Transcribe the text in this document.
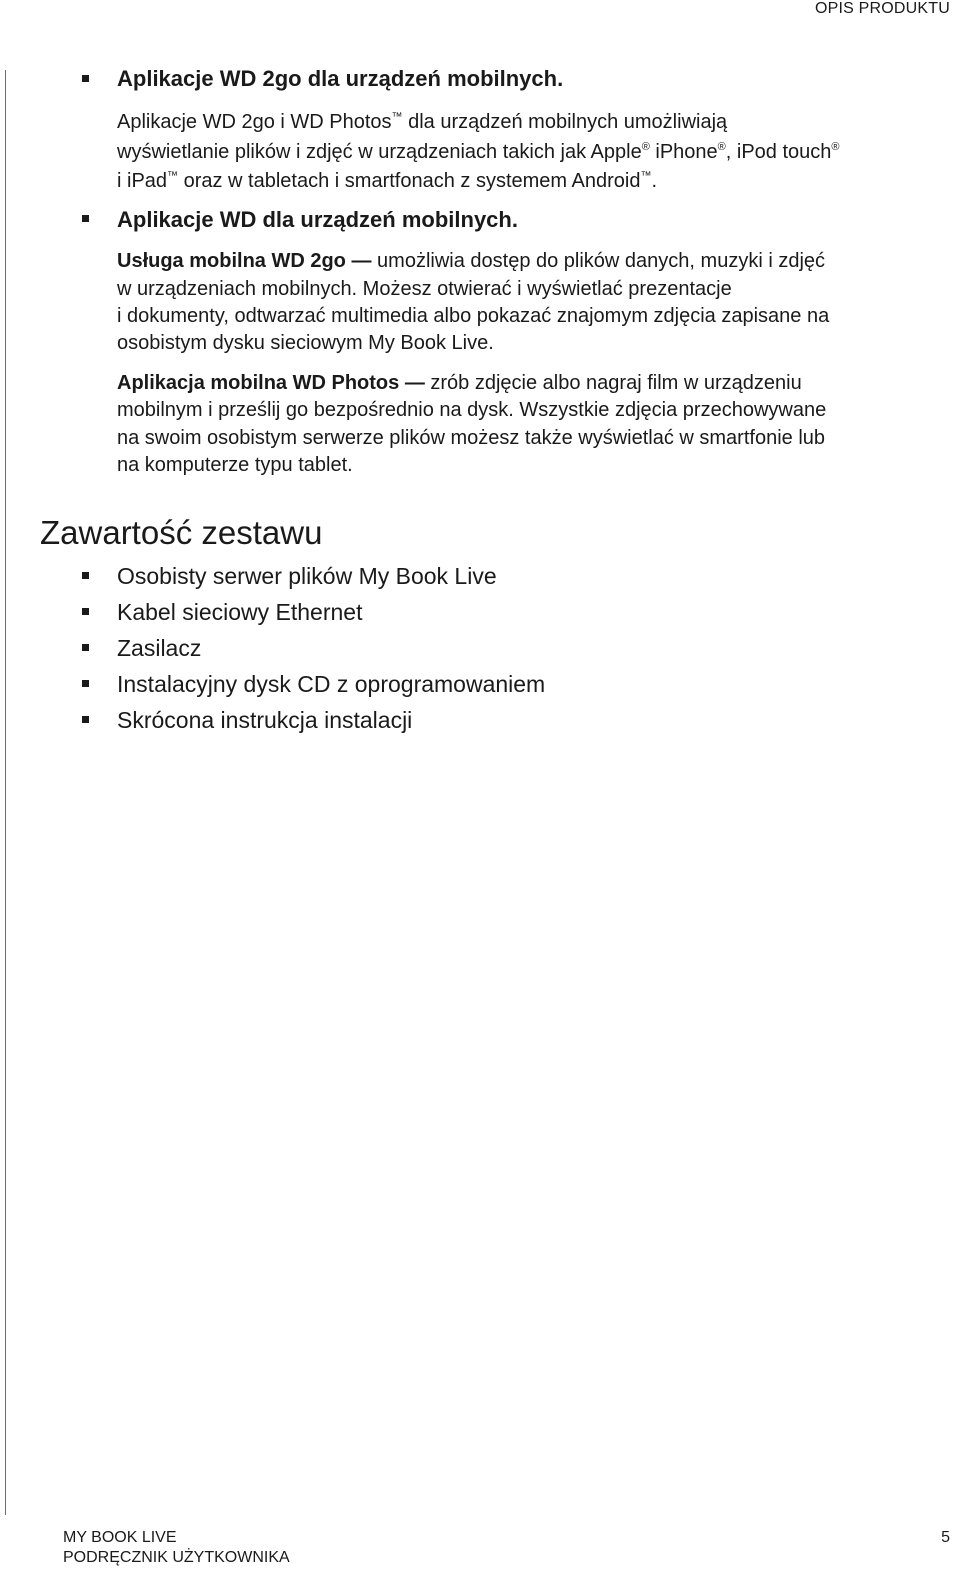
OPIS PRODUKTU
Aplikacje WD 2go dla urządzeń mobilnych.
Aplikacje WD 2go i WD Photos™ dla urządzeń mobilnych umożliwiają
wyświetlanie plików i zdjęć w urządzeniach takich jak Apple® iPhone®, iPod touch®
i iPad™ oraz w tabletach i smartfonach z systemem Android™.
Aplikacje WD dla urządzeń mobilnych.
Usługa mobilna WD 2go — umożliwia dostęp do plików danych, muzyki i zdjęć
w urządzeniach mobilnych. Możesz otwierać i wyświetlać prezentacje
i dokumenty, odtwarzać multimedia albo pokazać znajomym zdjęcia zapisane na
osobistym dysku sieciowym My Book Live.
Aplikacja mobilna WD Photos — zrób zdjęcie albo nagraj film w urządzeniu
mobilnym i prześlij go bezpośrednio na dysk. Wszystkie zdjęcia przechowywane
na swoim osobistym serwerze plików możesz także wyświetlać w smartfonie lub
na komputerze typu tablet.
Zawartość zestawu
Osobisty serwer plików My Book Live
Kabel sieciowy Ethernet
Zasilacz
Instalacyjny dysk CD z oprogramowaniem
Skrócona instrukcja instalacji
MY BOOK LIVE
PODRĘCZNIK UŻYTKOWNIKA
5
